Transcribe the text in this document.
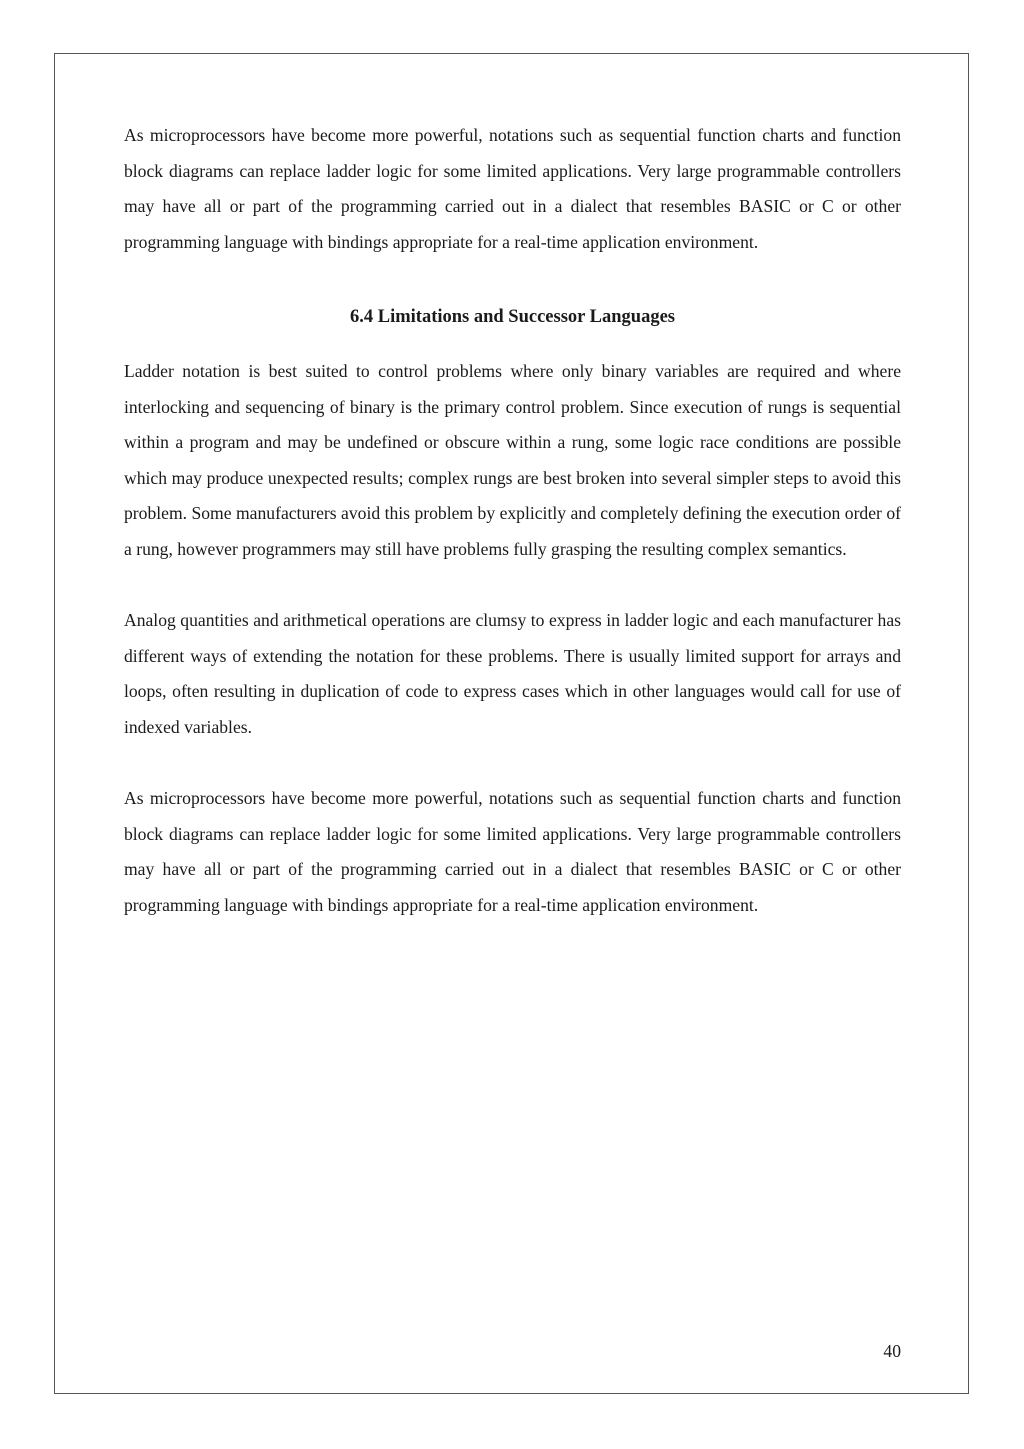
As microprocessors have become more powerful, notations such as sequential function charts and function block diagrams can replace ladder logic for some limited applications. Very large programmable controllers may have all or part of the programming carried out in a dialect that resembles BASIC or C or other programming language with bindings appropriate for a real-time application environment.

6.4 Limitations and Successor Languages

Ladder notation is best suited to control problems where only binary variables are required and where interlocking and sequencing of binary is the primary control problem. Since execution of rungs is sequential within a program and may be undefined or obscure within a rung, some logic race conditions are possible which may produce unexpected results; complex rungs are best broken into several simpler steps to avoid this problem. Some manufacturers avoid this problem by explicitly and completely defining the execution order of a rung, however programmers may still have problems fully grasping the resulting complex semantics.

Analog quantities and arithmetical operations are clumsy to express in ladder logic and each manufacturer has different ways of extending the notation for these problems. There is usually limited support for arrays and loops, often resulting in duplication of code to express cases which in other languages would call for use of indexed variables.

As microprocessors have become more powerful, notations such as sequential function charts and function block diagrams can replace ladder logic for some limited applications. Very large programmable controllers may have all or part of the programming carried out in a dialect that resembles BASIC or C or other programming language with bindings appropriate for a real-time application environment.

40
